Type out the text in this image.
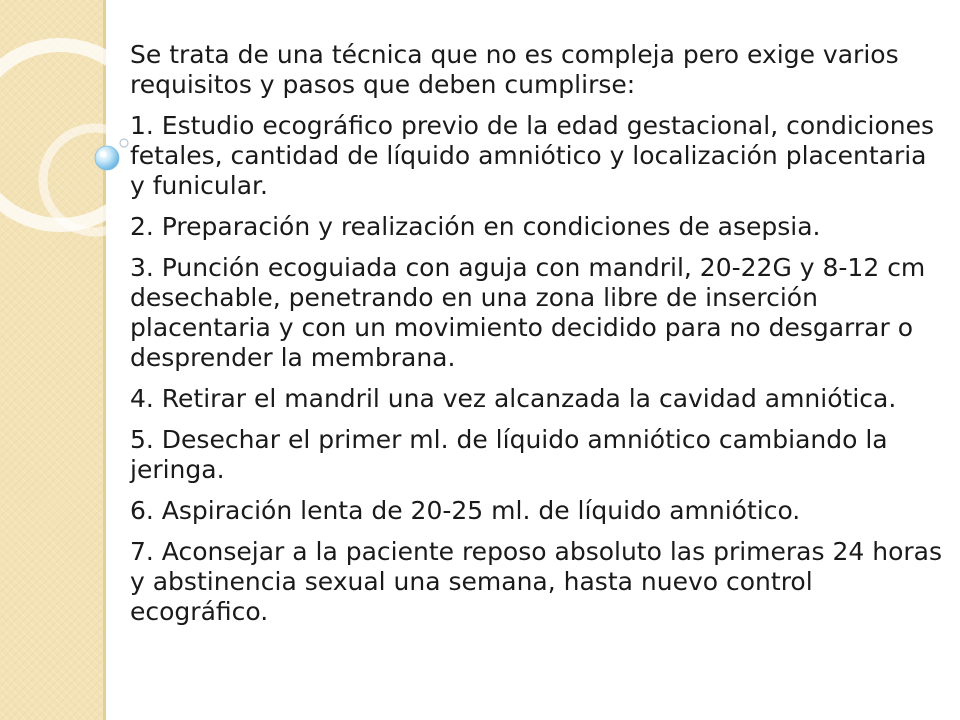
Se trata de una técnica que no es compleja pero exige varios requisitos y pasos que deben cumplirse:

1. Estudio ecográfico previo de la edad gestacional, condiciones fetales, cantidad de líquido amniótico y localización placentaria y funicular.

2. Preparación y realización en condiciones de asepsia.

3. Punción ecoguiada con aguja con mandril, 20-22G y 8-12 cm desechable, penetrando en una zona libre de inserción placentaria y con un movimiento decidido para no desgarrar o desprender la membrana.

4. Retirar el mandril una vez alcanzada la cavidad amniótica.

5. Desechar el primer ml. de líquido amniótico cambiando la jeringa.

6. Aspiración lenta de 20-25 ml. de líquido amniótico.

7. Aconsejar a la paciente reposo absoluto las primeras 24 horas y abstinencia sexual una semana, hasta nuevo control ecográfico.
